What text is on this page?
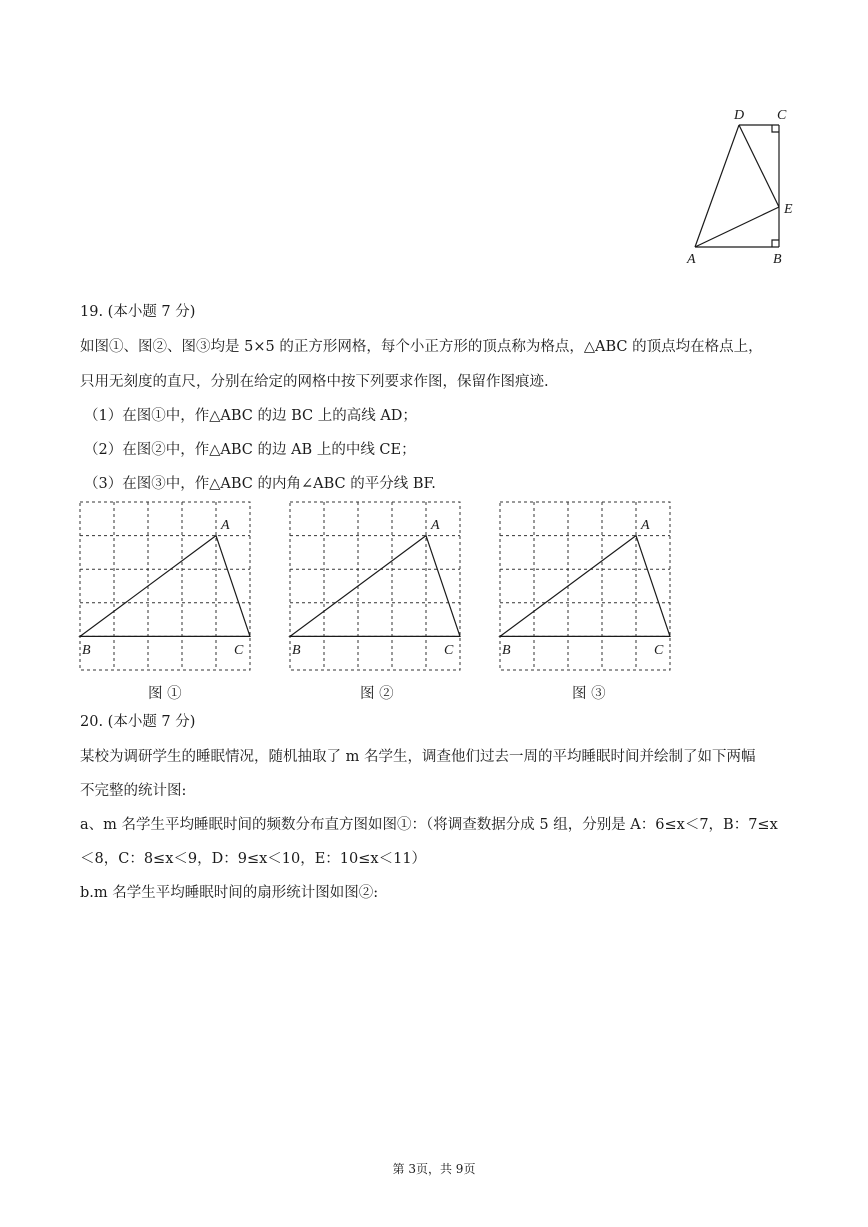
D C
E
A	B
19. (本小题 7 分)
如图①、图②、图③均是 5×5 的正方形网格，每个小正方形的顶点称为格点，△ABC 的顶点均在格点上，
只用无刻度的直尺，分别在给定的网格中按下列要求作图，保留作图痕迹.
（1）在图①中，作△ABC 的边 BC 上的高线 AD；
（2）在图②中，作△ABC 的边 AB 上的中线 CE；
（3）在图③中，作△ABC 的内角∠ABC 的平分线 BF.
A
B	C
A
B	C
A
B	C
图 ①	图 ②	图 ③
20. (本小题 7 分)
某校为调研学生的睡眠情况，随机抽取了 m 名学生，调查他们过去一周的平均睡眠时间并绘制了如下两幅
不完整的统计图:
a、m 名学生平均睡眠时间的频数分布直方图如图①：（将调查数据分成 5 组，分别是 A：6≤x＜7，B：7≤x
＜8，C：8≤x＜9，D：9≤x＜10，E：10≤x＜11）
b.m 名学生平均睡眠时间的扇形统计图如图②:
第 3页，共 9页
